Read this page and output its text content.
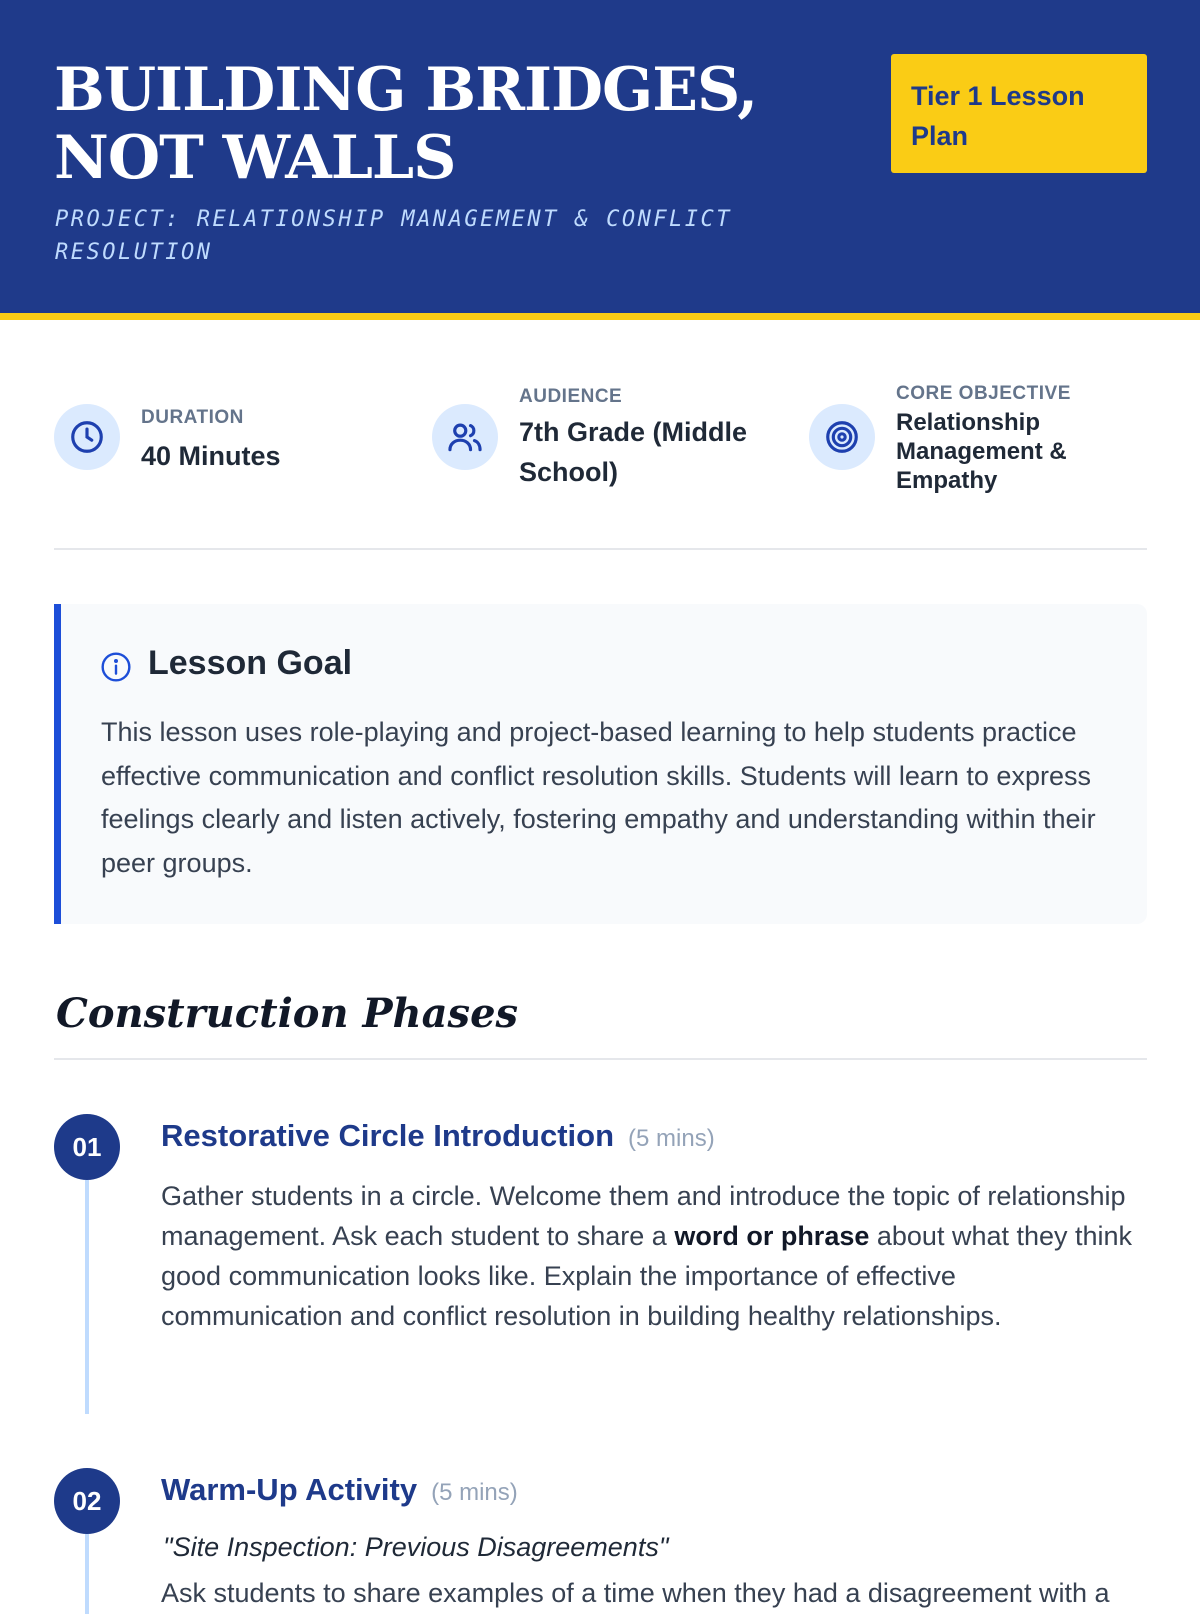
BUILDING BRIDGES, NOT WALLS
PROJECT: RELATIONSHIP MANAGEMENT & CONFLICT RESOLUTION
Tier 1 Lesson Plan
DURATION
40 Minutes
AUDIENCE
7th Grade (Middle School)
CORE OBJECTIVE
Relationship Management & Empathy
Lesson Goal

This lesson uses role-playing and project-based learning to help students practice effective communication and conflict resolution skills. Students will learn to express feelings clearly and listen actively, fostering empathy and understanding within their peer groups.

Construction Phases
01	Restorative Circle Introduction (5 mins)

Gather students in a circle. Welcome them and introduce the topic of relationship management. Ask each student to share a word or phrase about what they think good communication looks like. Explain the importance of effective communication and conflict resolution in building healthy relationships.

02	Warm-Up Activity (5 mins)

"Site Inspection: Previous Disagreements"

Ask students to share examples of a time when they had a disagreement with a
